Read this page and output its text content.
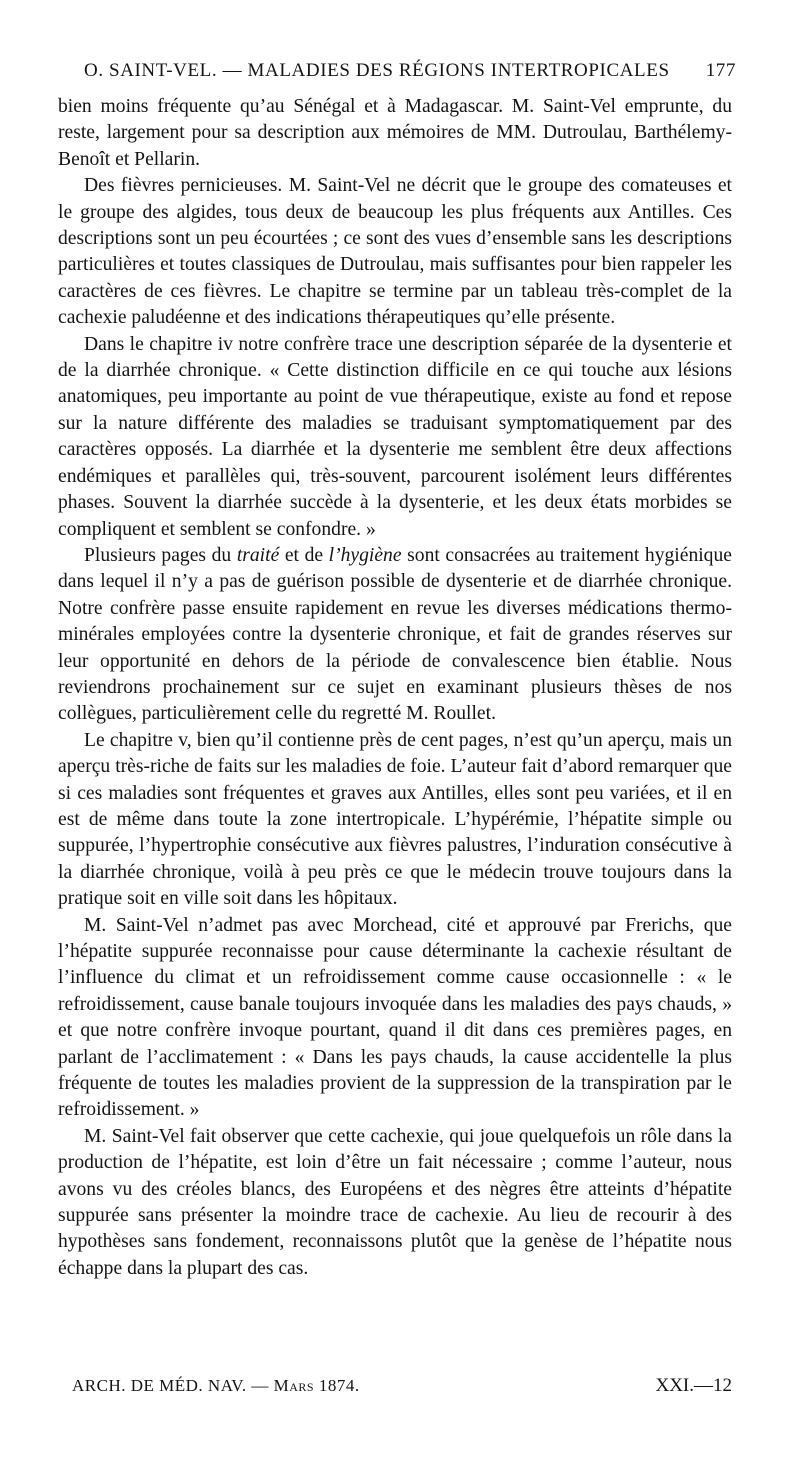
O. SAINT-VEL. — MALADIES DES RÉGIONS INTERTROPICALES 177

bien moins fréquente qu’au Sénégal et à Madagascar. M. Saint-Vel emprunte, du reste, largement pour sa description aux mémoires de MM. Dutroulau, Barthélemy-Benoît et Pellarin.

Des fièvres pernicieuses. M. Saint-Vel ne décrit que le groupe des comateuses et le groupe des algides, tous deux de beaucoup les plus fréquents aux Antilles. Ces descriptions sont un peu écourtées ; ce sont des vues d’ensemble sans les descriptions particulières et toutes classiques de Dutroulau, mais suffisantes pour bien rappeler les caractères de ces fièvres. Le chapitre se termine par un tableau très-complet de la cachexie paludéenne et des indications thérapeutiques qu’elle présente.

Dans le chapitre iv notre confrère trace une description séparée de la dysenterie et de la diarrhée chronique. « Cette distinction difficile en ce qui touche aux lésions anatomiques, peu importante au point de vue thérapeutique, existe au fond et repose sur la nature différente des maladies se traduisant symptomatiquement par des caractères opposés. La diarrhée et la dysenterie me semblent être deux affections endémiques et parallèles qui, très-souvent, parcourent isolément leurs différentes phases. Souvent la diarrhée succède à la dysenterie, et les deux états morbides se compliquent et semblent se confondre. »

Plusieurs pages du traité et de l’hygiène sont consacrées au traitement hygiénique dans lequel il n’y a pas de guérison possible de dysenterie et de diarrhée chronique. Notre confrère passe ensuite rapidement en revue les diverses médications thermo-minérales employées contre la dysenterie chronique, et fait de grandes réserves sur leur opportunité en dehors de la période de convalescence bien établie. Nous reviendrons prochainement sur ce sujet en examinant plusieurs thèses de nos collègues, particulièrement celle du regretté M. Roullet.

Le chapitre v, bien qu’il contienne près de cent pages, n’est qu’un aperçu, mais un aperçu très-riche de faits sur les maladies de foie. L’auteur fait d’abord remarquer que si ces maladies sont fréquentes et graves aux Antilles, elles sont peu variées, et il en est de même dans toute la zone intertropicale. L’hypérémie, l’hépatite simple ou suppurée, l’hypertrophie consécutive aux fièvres palustres, l’induration consécutive à la diarrhée chronique, voilà à peu près ce que le médecin trouve toujours dans la pratique soit en ville soit dans les hôpitaux.

M. Saint-Vel n’admet pas avec Morchead, cité et approuvé par Frerichs, que l’hépatite suppurée reconnaisse pour cause déterminante la cachexie résultant de l’influence du climat et un refroidissement comme cause occasionnelle : « le refroidissement, cause banale toujours invoquée dans les maladies des pays chauds, » et que notre confrère invoque pourtant, quand il dit dans ces premières pages, en parlant de l’acclimatement : « Dans les pays chauds, la cause accidentelle la plus fréquente de toutes les maladies provient de la suppression de la transpiration par le refroidissement. »

M. Saint-Vel fait observer que cette cachexie, qui joue quelquefois un rôle dans la production de l’hépatite, est loin d’être un fait nécessaire ; comme l’auteur, nous avons vu des créoles blancs, des Européens et des nègres être atteints d’hépatite suppurée sans présenter la moindre trace de cachexie. Au lieu de recourir à des hypothèses sans fondement, reconnaissons plutôt que la genèse de l’hépatite nous échappe dans la plupart des cas.

ARCH. DE MÉD. NAV. — Mars 1874.	XXI.—12
